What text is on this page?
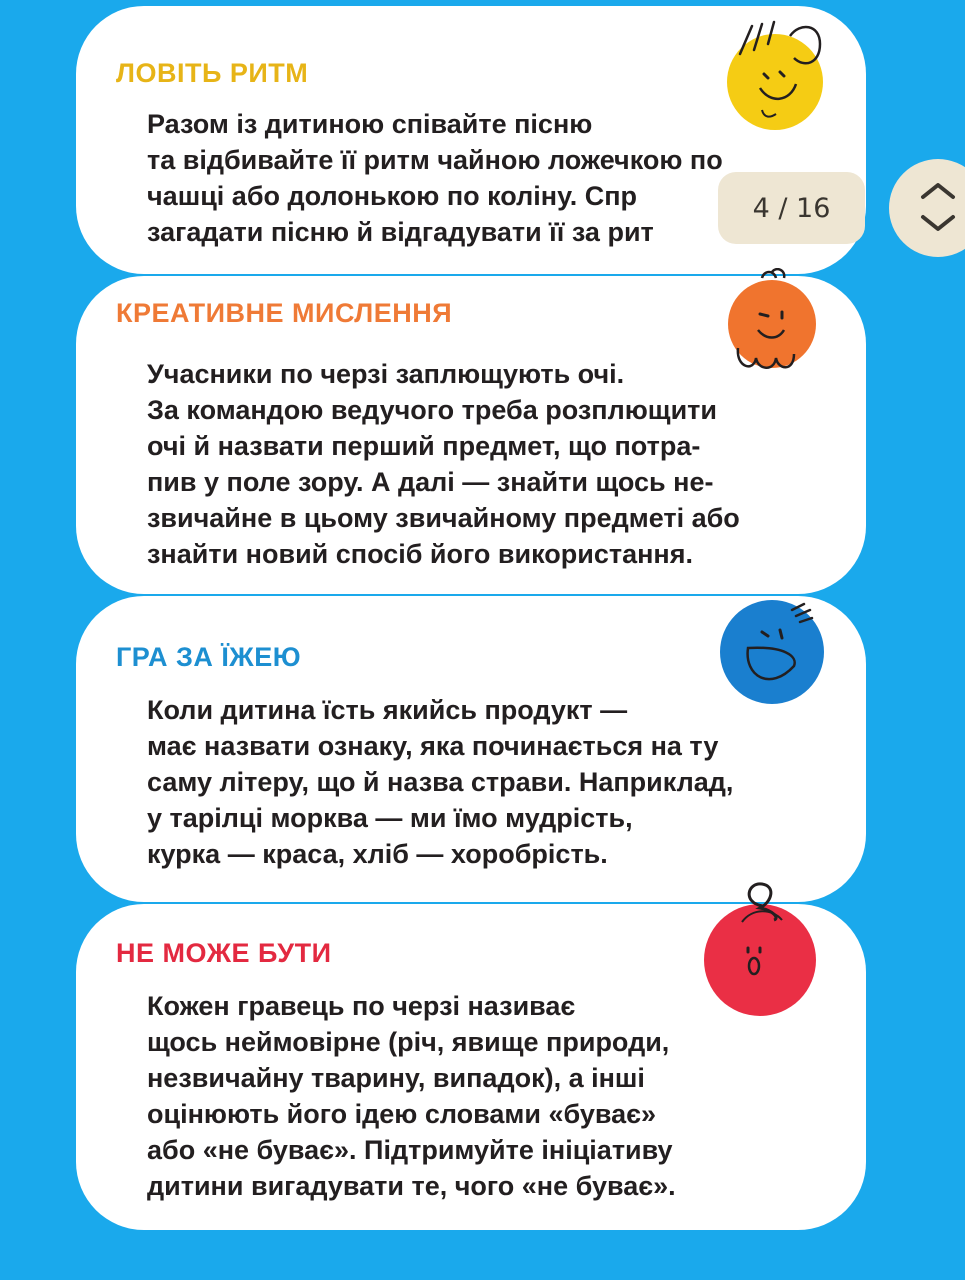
ЛОВІТЬ РИТМ
Разом із дитиною співайте пісню
та відбивайте її ритм чайною ложечкою по
чашці або долонькою по коліну. Спр
загадати пісню й відгадувати її за рит
КРЕАТИВНЕ МИСЛЕННЯ
Учасники по черзі заплющують очі.
За командою ведучого треба розплющити
очі й назвати перший предмет, що потра-
пив у поле зору. А далі — знайти щось не-
звичайне в цьому звичайному предметі або
знайти новий спосіб його використання.
ГРА ЗА ЇЖЕЮ
Коли дитина їсть якийсь продукт —
має назвати ознаку, яка починається на ту
саму літеру, що й назва страви. Наприклад,
у тарілці морква — ми їмо мудрість,
курка — краса, хліб — хоробрість.
НЕ МОЖЕ БУТИ
Кожен гравець по черзі називає
щось неймовірне (річ, явище природи,
незвичайну тварину, випадок), а інші
оцінюють його ідею словами «буває»
або «не буває». Підтримуйте ініціативу
дитини вигадувати те, чого «не буває».
4 / 16
